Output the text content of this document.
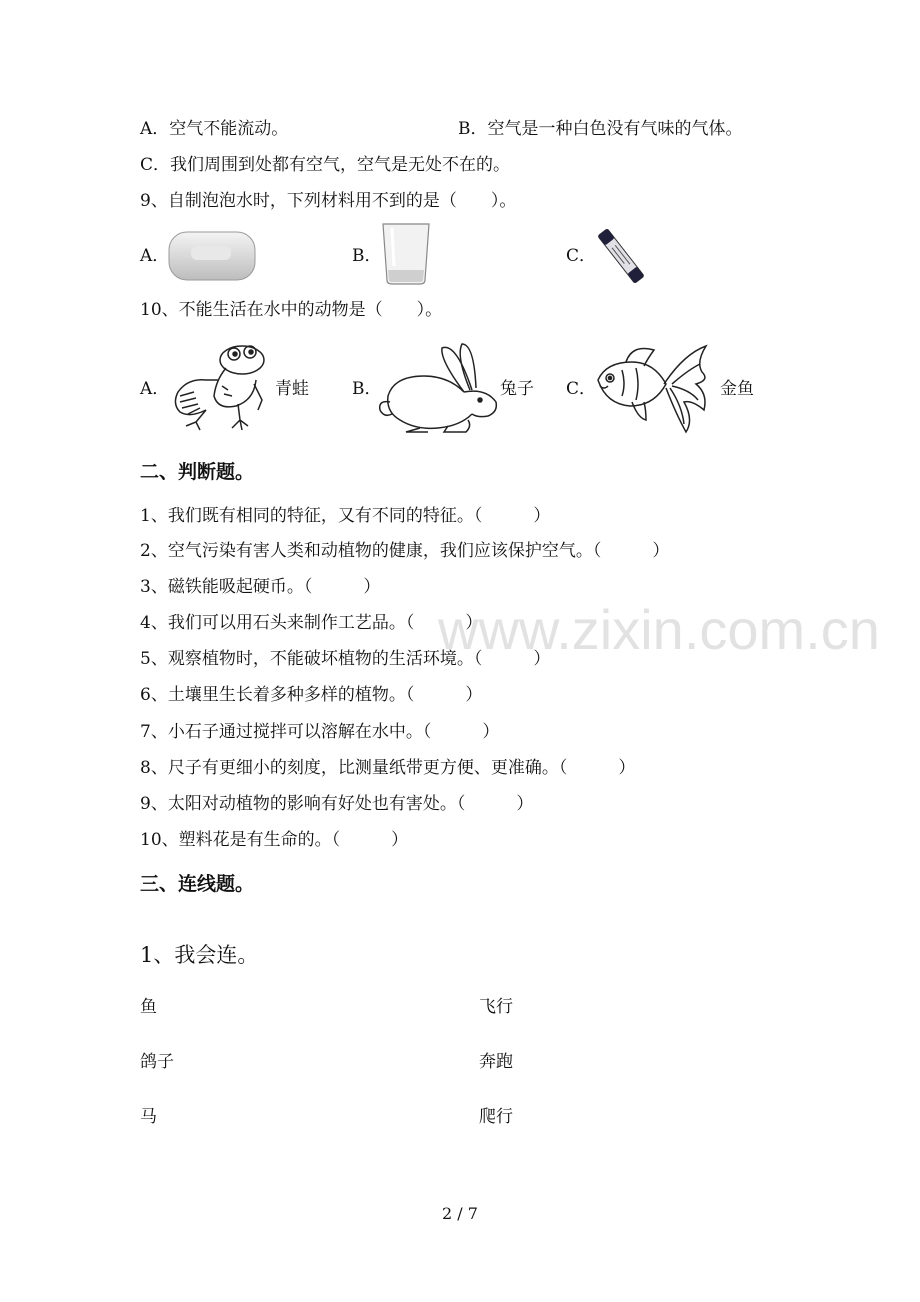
A．空气不能流动。	B．空气是一种白色没有气味的气体。
C．我们周围到处都有空气，空气是无处不在的。
9、自制泡泡水时，下列材料用不到的是（　　）。
A．	B．	C．
10、不能生活在水中的动物是（　　）。
A．	青蛙	B．	兔子 C．	金鱼
二、判断题。
1、我们既有相同的特征，又有不同的特征。（　　　）
2、空气污染有害人类和动植物的健康，我们应该保护空气。（　　　）
3、磁铁能吸起硬币。（　　　）
4、我们可以用石头来制作工艺品。（　　　）
5、观察植物时，不能破坏植物的生活环境。（　　　）
6、土壤里生长着多种多样的植物。（　　　）
7、小石子通过搅拌可以溶解在水中。（　　　）
8、尺子有更细小的刻度，比测量纸带更方便、更准确。（　　　）
9、太阳对动植物的影响有好处也有害处。（　　　）
10、塑料花是有生命的。（　　　）
www.zixin.com.cn
三、连线题。
1、我会连。
鱼	飞行
鸽子	奔跑
马	爬行
2 / 7
